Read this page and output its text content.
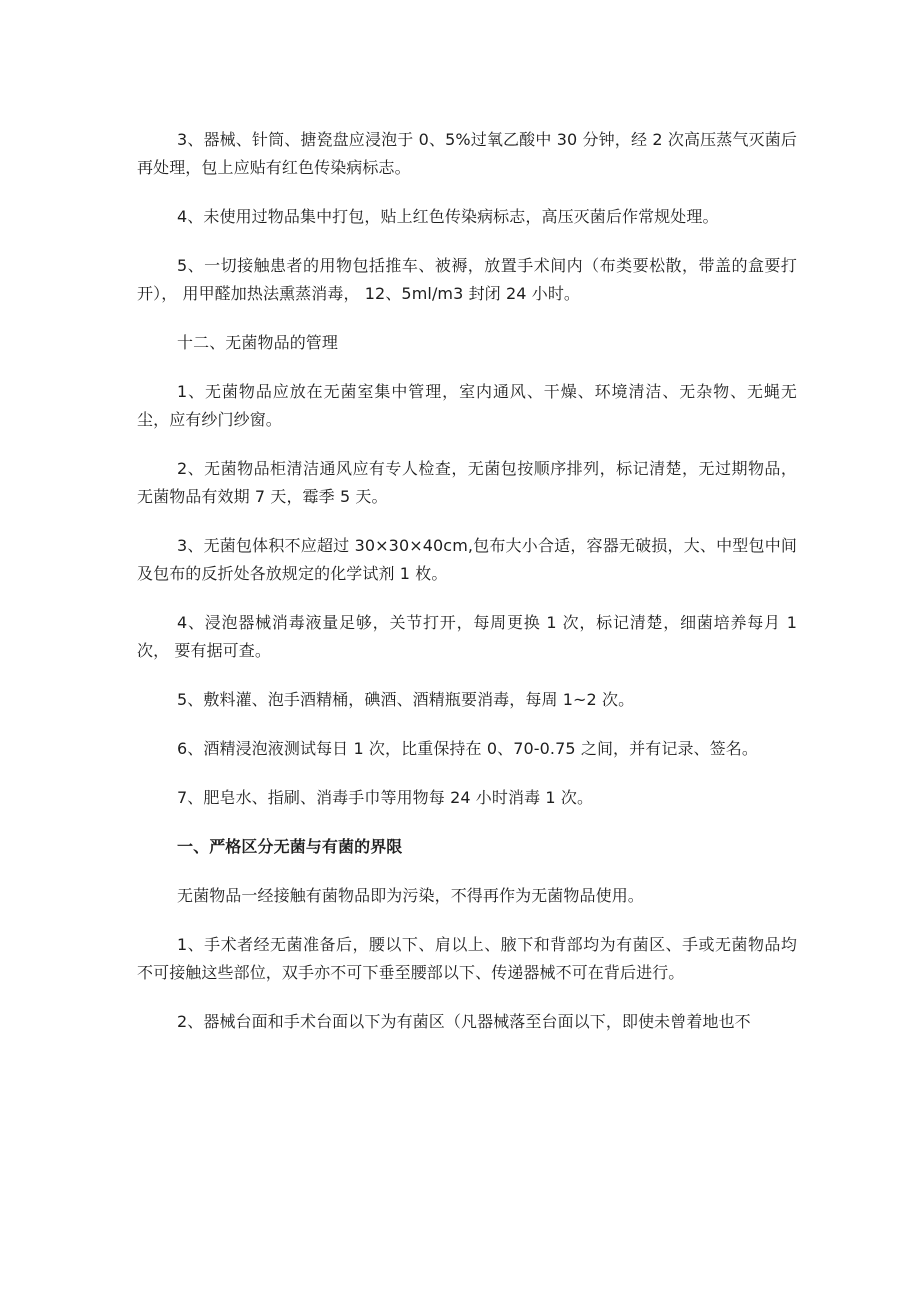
3、器械、针筒、搪瓷盘应浸泡于 0、5%过氧乙酸中 30 分钟，经 2 次高压蒸气灭菌后再处理，包上应贴有红色传染病标志。

4、未使用过物品集中打包，贴上红色传染病标志，高压灭菌后作常规处理。

5、一切接触患者的用物包括推车、被褥，放置手术间内（布类要松散，带盖的盒要打开）， 用甲醛加热法熏蒸消毒， 12、5ml/m3 封闭 24 小时。

十二、无菌物品的管理

1、无菌物品应放在无菌室集中管理，室内通风、干燥、环境清洁、无杂物、无蝇无尘，应有纱门纱窗。

2、无菌物品柜清洁通风应有专人检查，无菌包按顺序排列，标记清楚，无过期物品，无菌物品有效期 7 天，霉季 5 天。

3、无菌包体积不应超过 30×30×40cm,包布大小合适，容器无破损，大、中型包中间及包布的反折处各放规定的化学试剂 1 枚。

4、浸泡器械消毒液量足够，关节打开，每周更换 1 次，标记清楚，细菌培养每月 1 次， 要有据可查。

5、敷料灌、泡手酒精桶，碘酒、酒精瓶要消毒，每周 1~2 次。

6、酒精浸泡液测试每日 1 次，比重保持在 0、70-0.75 之间，并有记录、签名。

7、肥皂水、指刷、消毒手巾等用物每 24 小时消毒 1 次。

一、严格区分无菌与有菌的界限

无菌物品一经接触有菌物品即为污染，不得再作为无菌物品使用。

1、手术者经无菌准备后，腰以下、肩以上、腋下和背部均为有菌区、手或无菌物品均不可接触这些部位，双手亦不可下垂至腰部以下、传递器械不可在背后进行。

2、器械台面和手术台面以下为有菌区（凡器械落至台面以下，即使未曾着地也不
